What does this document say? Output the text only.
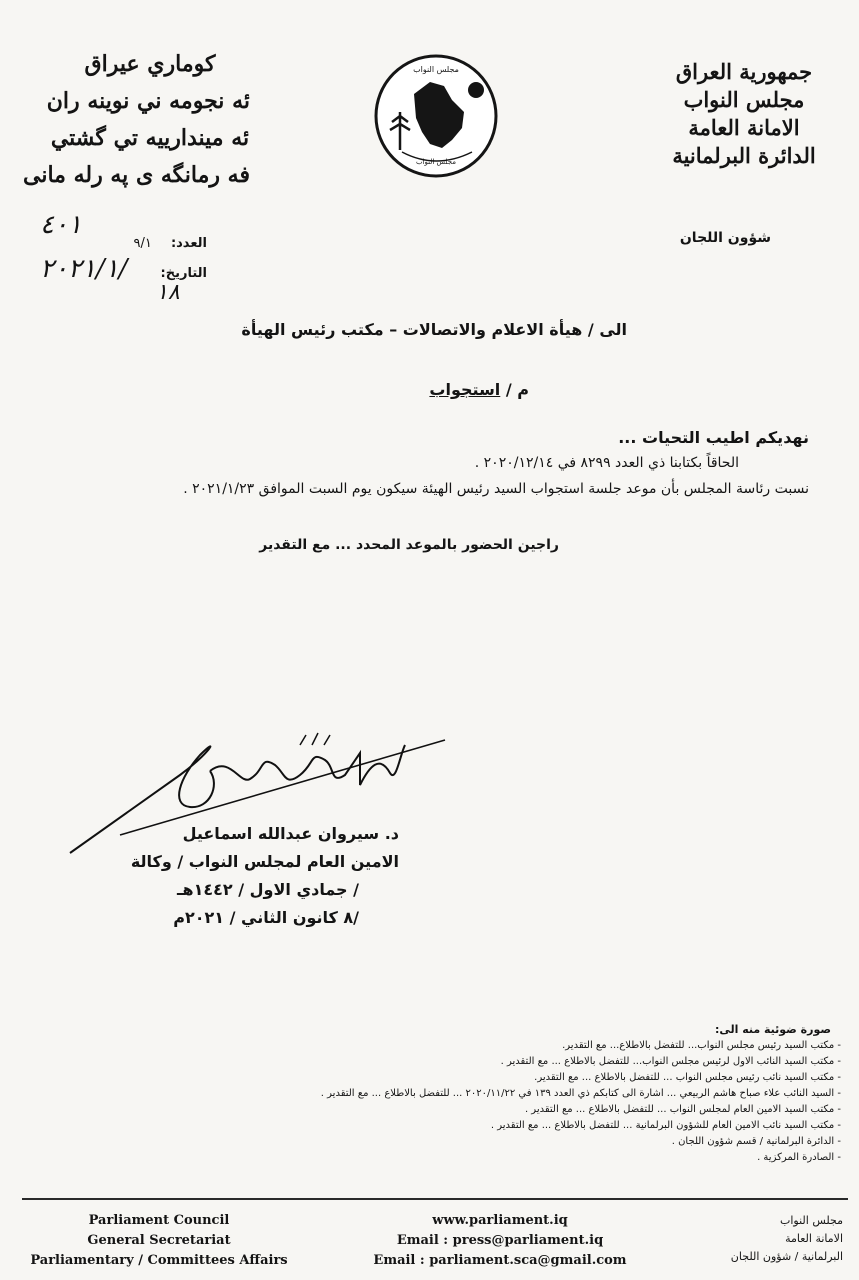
جمهورية العراق
مجلس النواب
الامانة العامة
الدائرة البرلمانية
شؤون اللجان
كوماري عيراق
ئه نجومه ني نوينه ران
ئه ميندارييه تي گشتي
فه رمانگه ى په رله مانى
مجلس النواب
مجلس النواب
العدد: ٩/١
٤٠١
التاريخ:
٢٠٢١/١/
١٨
الى / هيأة الاعلام والاتصالات – مكتب رئيس الهيأة
م / استجواب
نهديكم اطيب التحيات ...
الحاقاً بكتابنا ذي العدد ٨٢٩٩ في ٢٠٢٠/١٢/١٤ .
نسبت رئاسة المجلس بأن موعد جلسة استجواب السيد رئيس الهيئة سيكون يوم السبت الموافق ٢٠٢١/١/٢٣ .
راجين الحضور بالموعد المحدد ... مع التقدير
د. سيروان عبدالله اسماعيل
الامين العام لمجلس النواب / وكالة
/ جمادي الاول / ١٤٤٢هـ
/٨ كانون الثاني / ٢٠٢١م
صورة ضوئية منه الى:
- مكتب السيد رئيس مجلس النواب... للتفضل بالاطلاع... مع التقدير.
- مكتب السيد النائب الاول لرئيس مجلس النواب... للتفضل بالاطلاع ... مع التقدير .
- مكتب السيد نائب رئيس مجلس النواب ... للتفضل بالاطلاع ... مع التقدير.
- السيد النائب علاء صباح هاشم الربيعي ... اشارة الى كتابكم ذي العدد ١٣٩ في ٢٠٢٠/١١/٢٢ ... للتفضل بالاطلاع ... مع التقدير .
- مكتب السيد الامين العام لمجلس النواب ... للتفضل بالاطلاع ... مع التقدير .
- مكتب السيد نائب الامين العام للشؤون البرلمانية ... للتفضل بالاطلاع ... مع التقدير .
- الدائرة البرلمانية / قسم شؤون اللجان .
- الصادرة المركزية .
Parliament Council
General Secretariat
Parliamentary / Committees Affairs
www.parliament.iq
Email : press@parliament.iq
Email : parliament.sca@gmail.com
مجلس النواب
الامانة العامة
البرلمانية / شؤون اللجان
